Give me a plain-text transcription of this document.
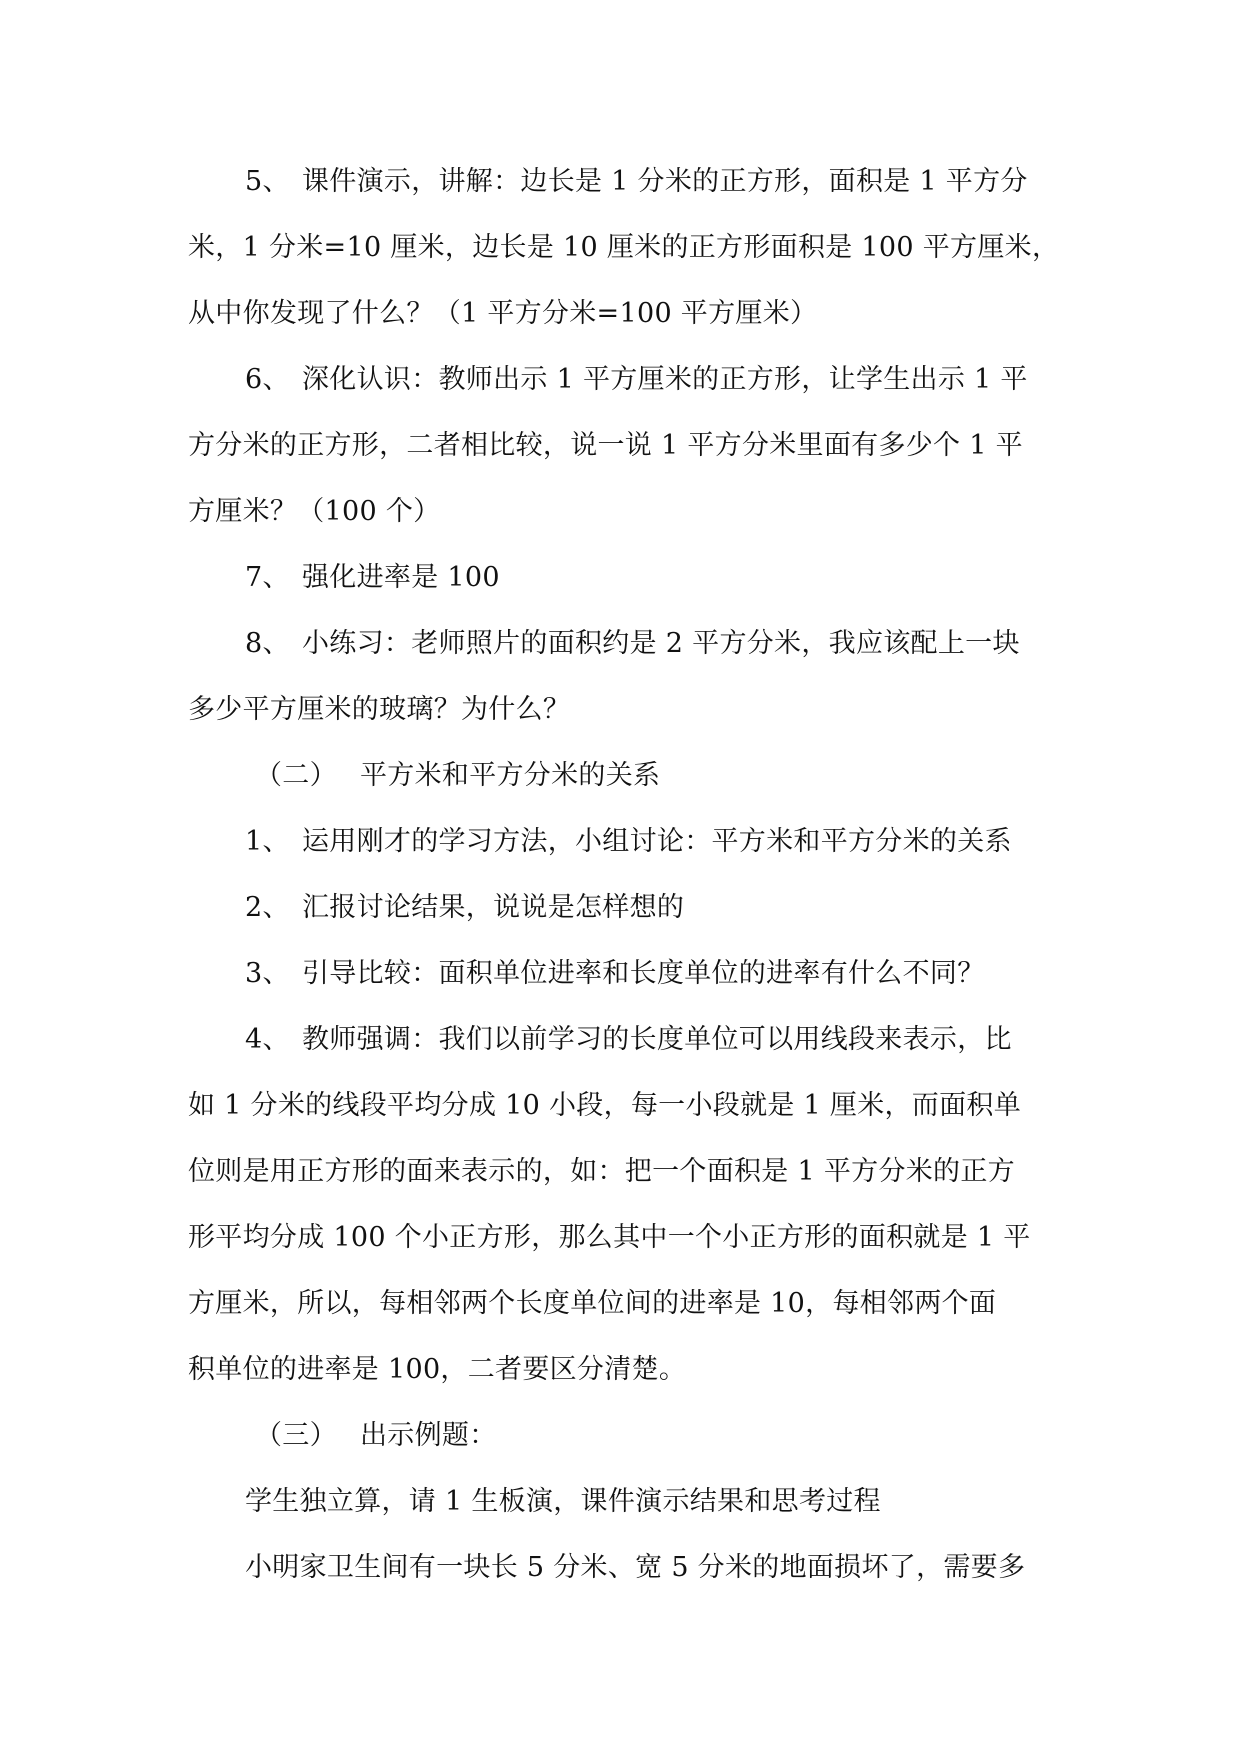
5、 课件演示，讲解：边长是 1 分米的正方形，面积是 1 平方分
米，1 分米=10 厘米，边长是 10 厘米的正方形面积是 100 平方厘米，
从中你发现了什么？（1 平方分米=100 平方厘米）
6、 深化认识：教师出示 1 平方厘米的正方形，让学生出示 1 平
方分米的正方形，二者相比较，说一说 1 平方分米里面有多少个 1 平
方厘米？（100 个）
7、 强化进率是 100
8、 小练习：老师照片的面积约是 2 平方分米，我应该配上一块
多少平方厘米的玻璃？为什么？
（二） 平方米和平方分米的关系
1、 运用刚才的学习方法，小组讨论：平方米和平方分米的关系
2、 汇报讨论结果，说说是怎样想的
3、 引导比较：面积单位进率和长度单位的进率有什么不同？
4、 教师强调：我们以前学习的长度单位可以用线段来表示，比
如 1 分米的线段平均分成 10 小段，每一小段就是 1 厘米，而面积单
位则是用正方形的面来表示的，如：把一个面积是 1 平方分米的正方
形平均分成 100 个小正方形，那么其中一个小正方形的面积就是 1 平
方厘米，所以，每相邻两个长度单位间的进率是 10，每相邻两个面
积单位的进率是 100，二者要区分清楚。
（三） 出示例题：
学生独立算，请 1 生板演，课件演示结果和思考过程
小明家卫生间有一块长 5 分米、宽 5 分米的地面损坏了，需要多
